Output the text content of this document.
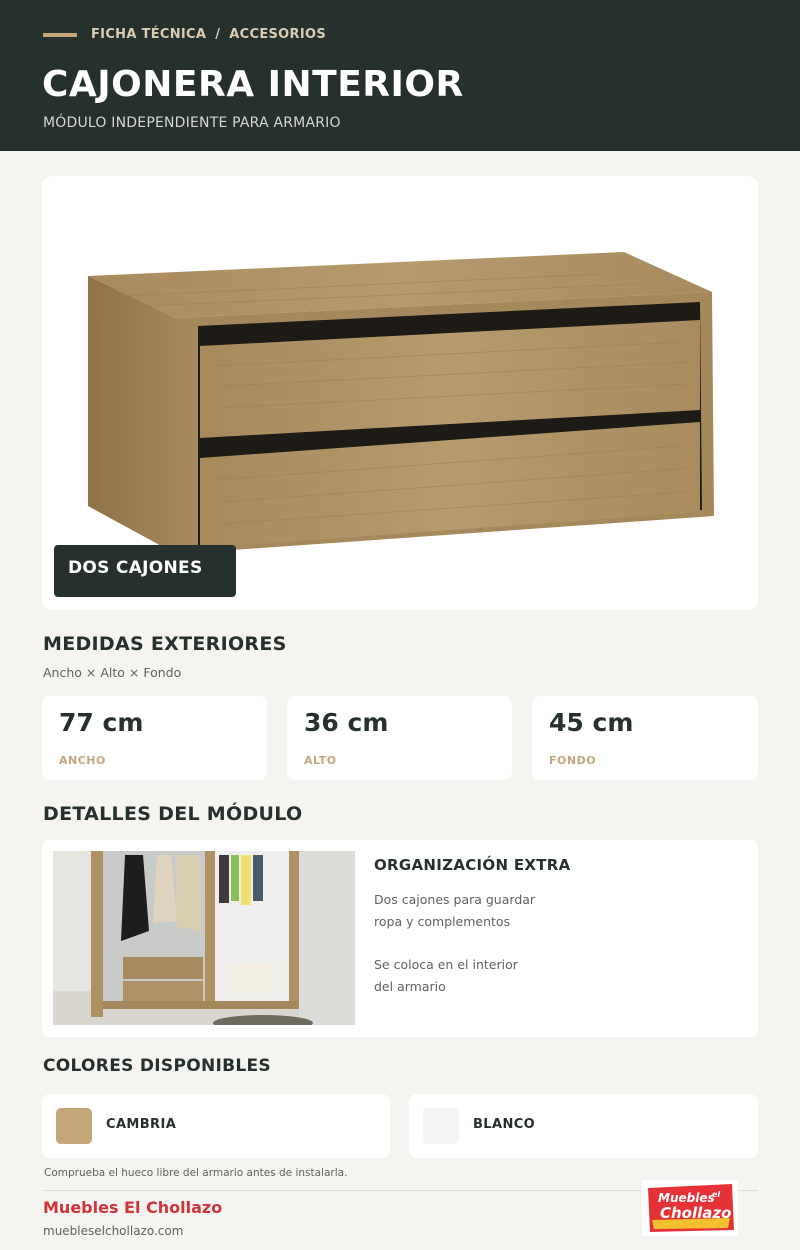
FICHA TÉCNICA / ACCESORIOS
CAJONERA INTERIOR
MÓDULO INDEPENDIENTE PARA ARMARIO
DOS CAJONES
MEDIDAS EXTERIORES
Ancho × Alto × Fondo
77 cm
ANCHO
36 cm
ALTO
45 cm
FONDO
DETALLES DEL MÓDULO
ORGANIZACIÓN EXTRA
Dos cajones para guardar
ropa y complementos
Se coloca en el interior
del armario
COLORES DISPONIBLES
CAMBRIA	BLANCO
Comprueba el hueco libre del armario antes de instalarla.
Muebles El Chollazo
mueblеselchollazo.com
Muebles
el
Chollazo
